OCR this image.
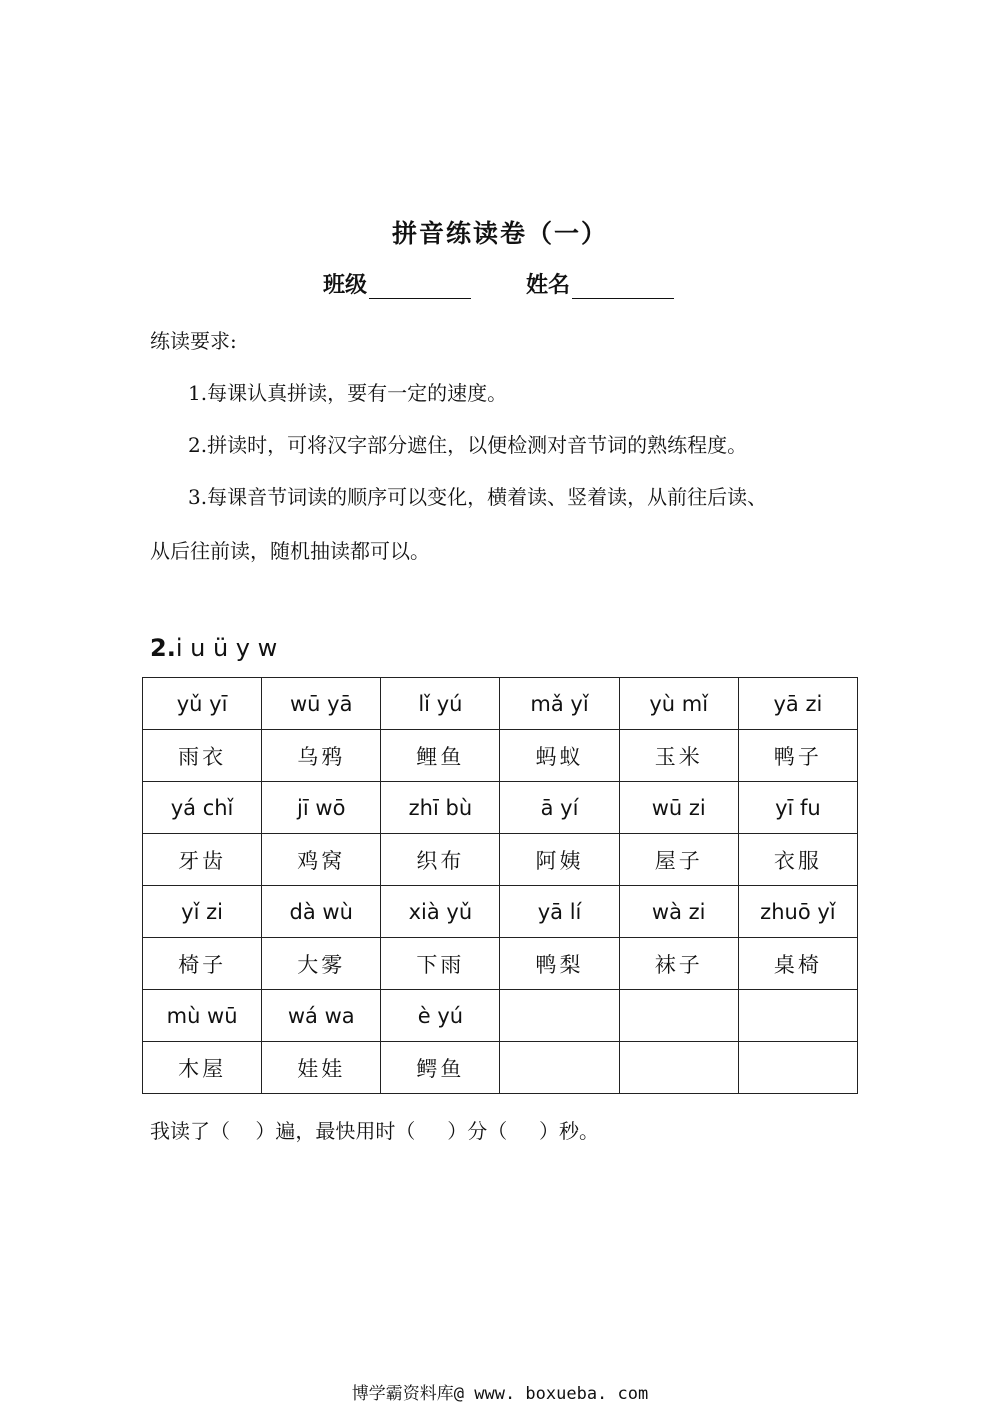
拼音练读卷（一）
班级	姓名
练读要求:
1.每课认真拼读，要有一定的速度。
2.拼读时，可将汉字部分遮住，以便检测对音节词的熟练程度。
3.每课音节词读的顺序可以变化，横着读、竖着读，从前往后读、
从后往前读，随机抽读都可以。
2.i u ü y w
yǔ yī	wū yā	lǐ yú	mǎ yǐ	yù mǐ	yā zi
雨衣	乌鸦	鲤鱼	蚂蚁	玉米	鸭子
yá chǐ	jī wō	zhī bù	ā yí	wū zi	yī fu
牙齿	鸡窝	织布	阿姨	屋子	衣服
yǐ zi	dà wù	xià yǔ	yā lí	wà zi	zhuō yǐ
椅子	大雾	下雨	鸭梨	袜子	桌椅
mù wū	wá wa	è yú			
木屋	娃娃	鳄鱼			
我读了（    ）遍，最快用时（     ）分（     ）秒。
博学霸资料库@ www. boxueba. com
